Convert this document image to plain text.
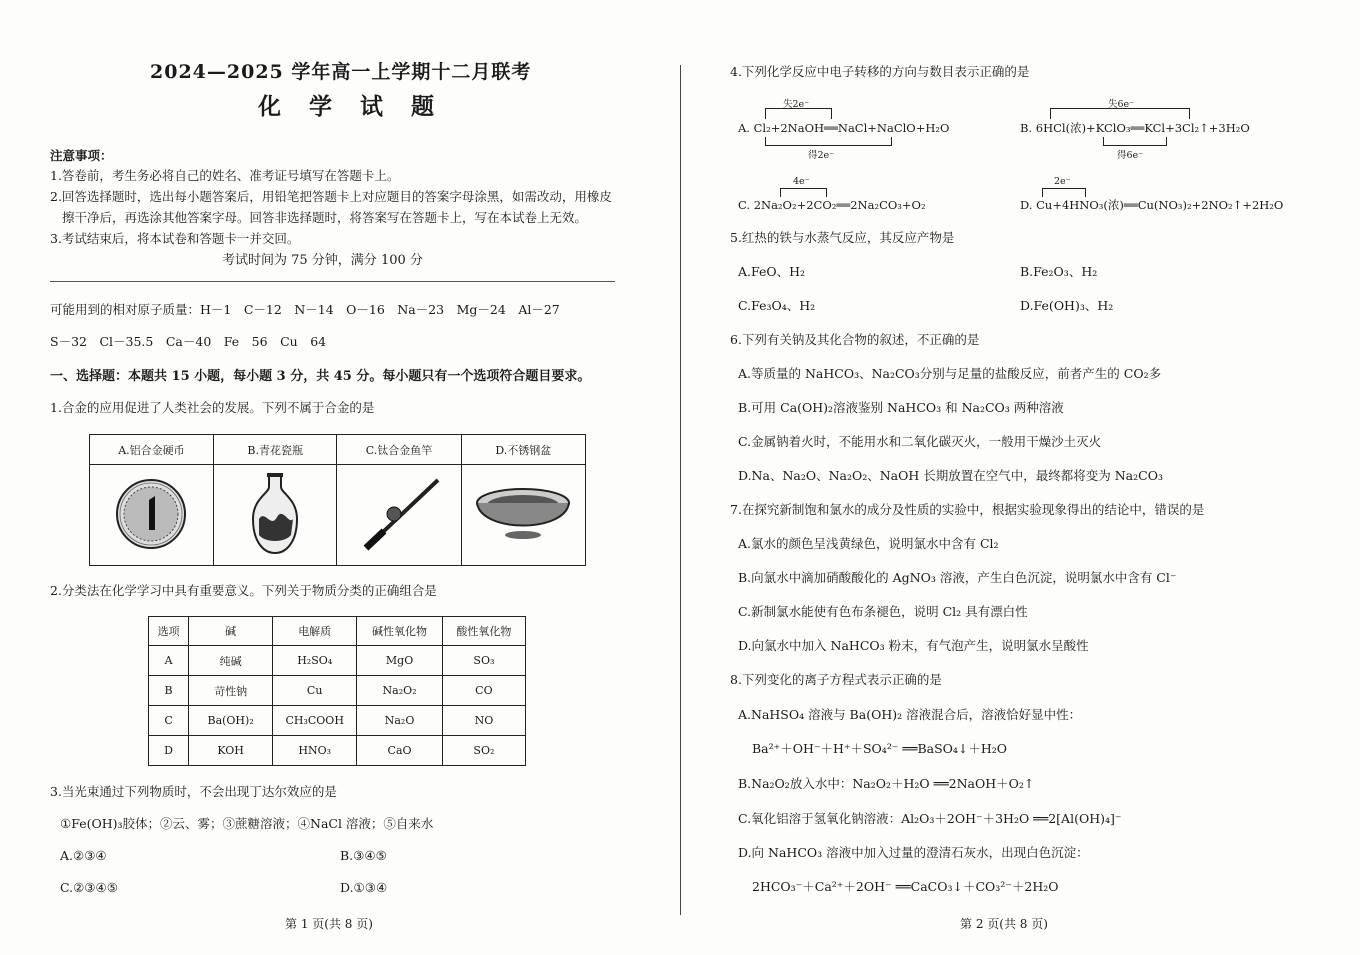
2024—2025 学年高一上学期十二月联考
化 学 试 题
注意事项：
1.答卷前，考生务必将自己的姓名、准考证号填写在答题卡上。
2.回答选择题时，选出每小题答案后，用铅笔把答题卡上对应题目的答案字母涂黑，如需改动，用橡皮
擦干净后，再选涂其他答案字母。回答非选择题时，将答案写在答题卡上，写在本试卷上无效。
3.考试结束后，将本试卷和答题卡一并交回。
考试时间为 75 分钟，满分 100 分
可能用到的相对原子质量：H－1　C－12　N－14　O－16　Na－23　Mg－24　Al－27
S－32　Cl－35.5　Ca－40　Fe　56　Cu　64
一、选择题：本题共 15 小题，每小题 3 分，共 45 分。每小题只有一个选项符合题目要求。
1.合金的应用促进了人类社会的发展。下列不属于合金的是
A.铝合金硬币	B.青花瓷瓶	C.钛合金鱼竿	D.不锈钢盆

2.分类法在化学学习中具有重要意义。下列关于物质分类的正确组合是
选项	碱	电解质	碱性氧化物	酸性氧化物
A	纯碱	H₂SO₄	MgO	SO₃
B	苛性钠	Cu	Na₂O₂	CO
C	Ba(OH)₂	CH₃COOH	Na₂O	NO
D	KOH	HNO₃	CaO	SO₂
3.当光束通过下列物质时，不会出现丁达尔效应的是
①Fe(OH)₃胶体；②云、雾；③蔗糖溶液；④NaCl 溶液；⑤自来水
A.②③④	B.③④⑤
C.②③④⑤	D.①③④
第 1 页(共 8 页)
4.下列化学反应中电子转移的方向与数目表示正确的是
失2e⁻
A. Cl₂+2NaOH══NaCl+NaClO+H₂O
得2e⁻
失6e⁻
B. 6HCl(浓)+KClO₃══KCl+3Cl₂↑+3H₂O
得6e⁻
4e⁻
C. 2Na₂O₂+2CO₂══2Na₂CO₃+O₂
2e⁻
D. Cu+4HNO₃(浓)══Cu(NO₃)₂+2NO₂↑+2H₂O
5.红热的铁与水蒸气反应，其反应产物是
A.FeO、H₂	B.Fe₂O₃、H₂
C.Fe₃O₄、H₂	D.Fe(OH)₃、H₂
6.下列有关钠及其化合物的叙述，不正确的是
A.等质量的 NaHCO₃、Na₂CO₃分别与足量的盐酸反应，前者产生的 CO₂多
B.可用 Ca(OH)₂溶液鉴别 NaHCO₃ 和 Na₂CO₃ 两种溶液
C.金属钠着火时，不能用水和二氧化碳灭火，一般用干燥沙土灭火
D.Na、Na₂O、Na₂O₂、NaOH 长期放置在空气中，最终都将变为 Na₂CO₃
7.在探究新制饱和氯水的成分及性质的实验中，根据实验现象得出的结论中，错误的是
A.氯水的颜色呈浅黄绿色，说明氯水中含有 Cl₂
B.向氯水中滴加硝酸酸化的 AgNO₃ 溶液，产生白色沉淀，说明氯水中含有 Cl⁻
C.新制氯水能使有色布条褪色，说明 Cl₂ 具有漂白性
D.向氯水中加入 NaHCO₃ 粉末，有气泡产生，说明氯水呈酸性
8.下列变化的离子方程式表示正确的是
A.NaHSO₄ 溶液与 Ba(OH)₂ 溶液混合后，溶液恰好显中性：
Ba²⁺＋OH⁻＋H⁺＋SO₄²⁻ ══BaSO₄↓＋H₂O
B.Na₂O₂放入水中：Na₂O₂＋H₂O ══2NaOH＋O₂↑
C.氧化铝溶于氢氧化钠溶液：Al₂O₃＋2OH⁻＋3H₂O ══2[Al(OH)₄]⁻
D.向 NaHCO₃ 溶液中加入过量的澄清石灰水，出现白色沉淀：
2HCO₃⁻＋Ca²⁺＋2OH⁻ ══CaCO₃↓＋CO₃²⁻＋2H₂O
第 2 页(共 8 页)
